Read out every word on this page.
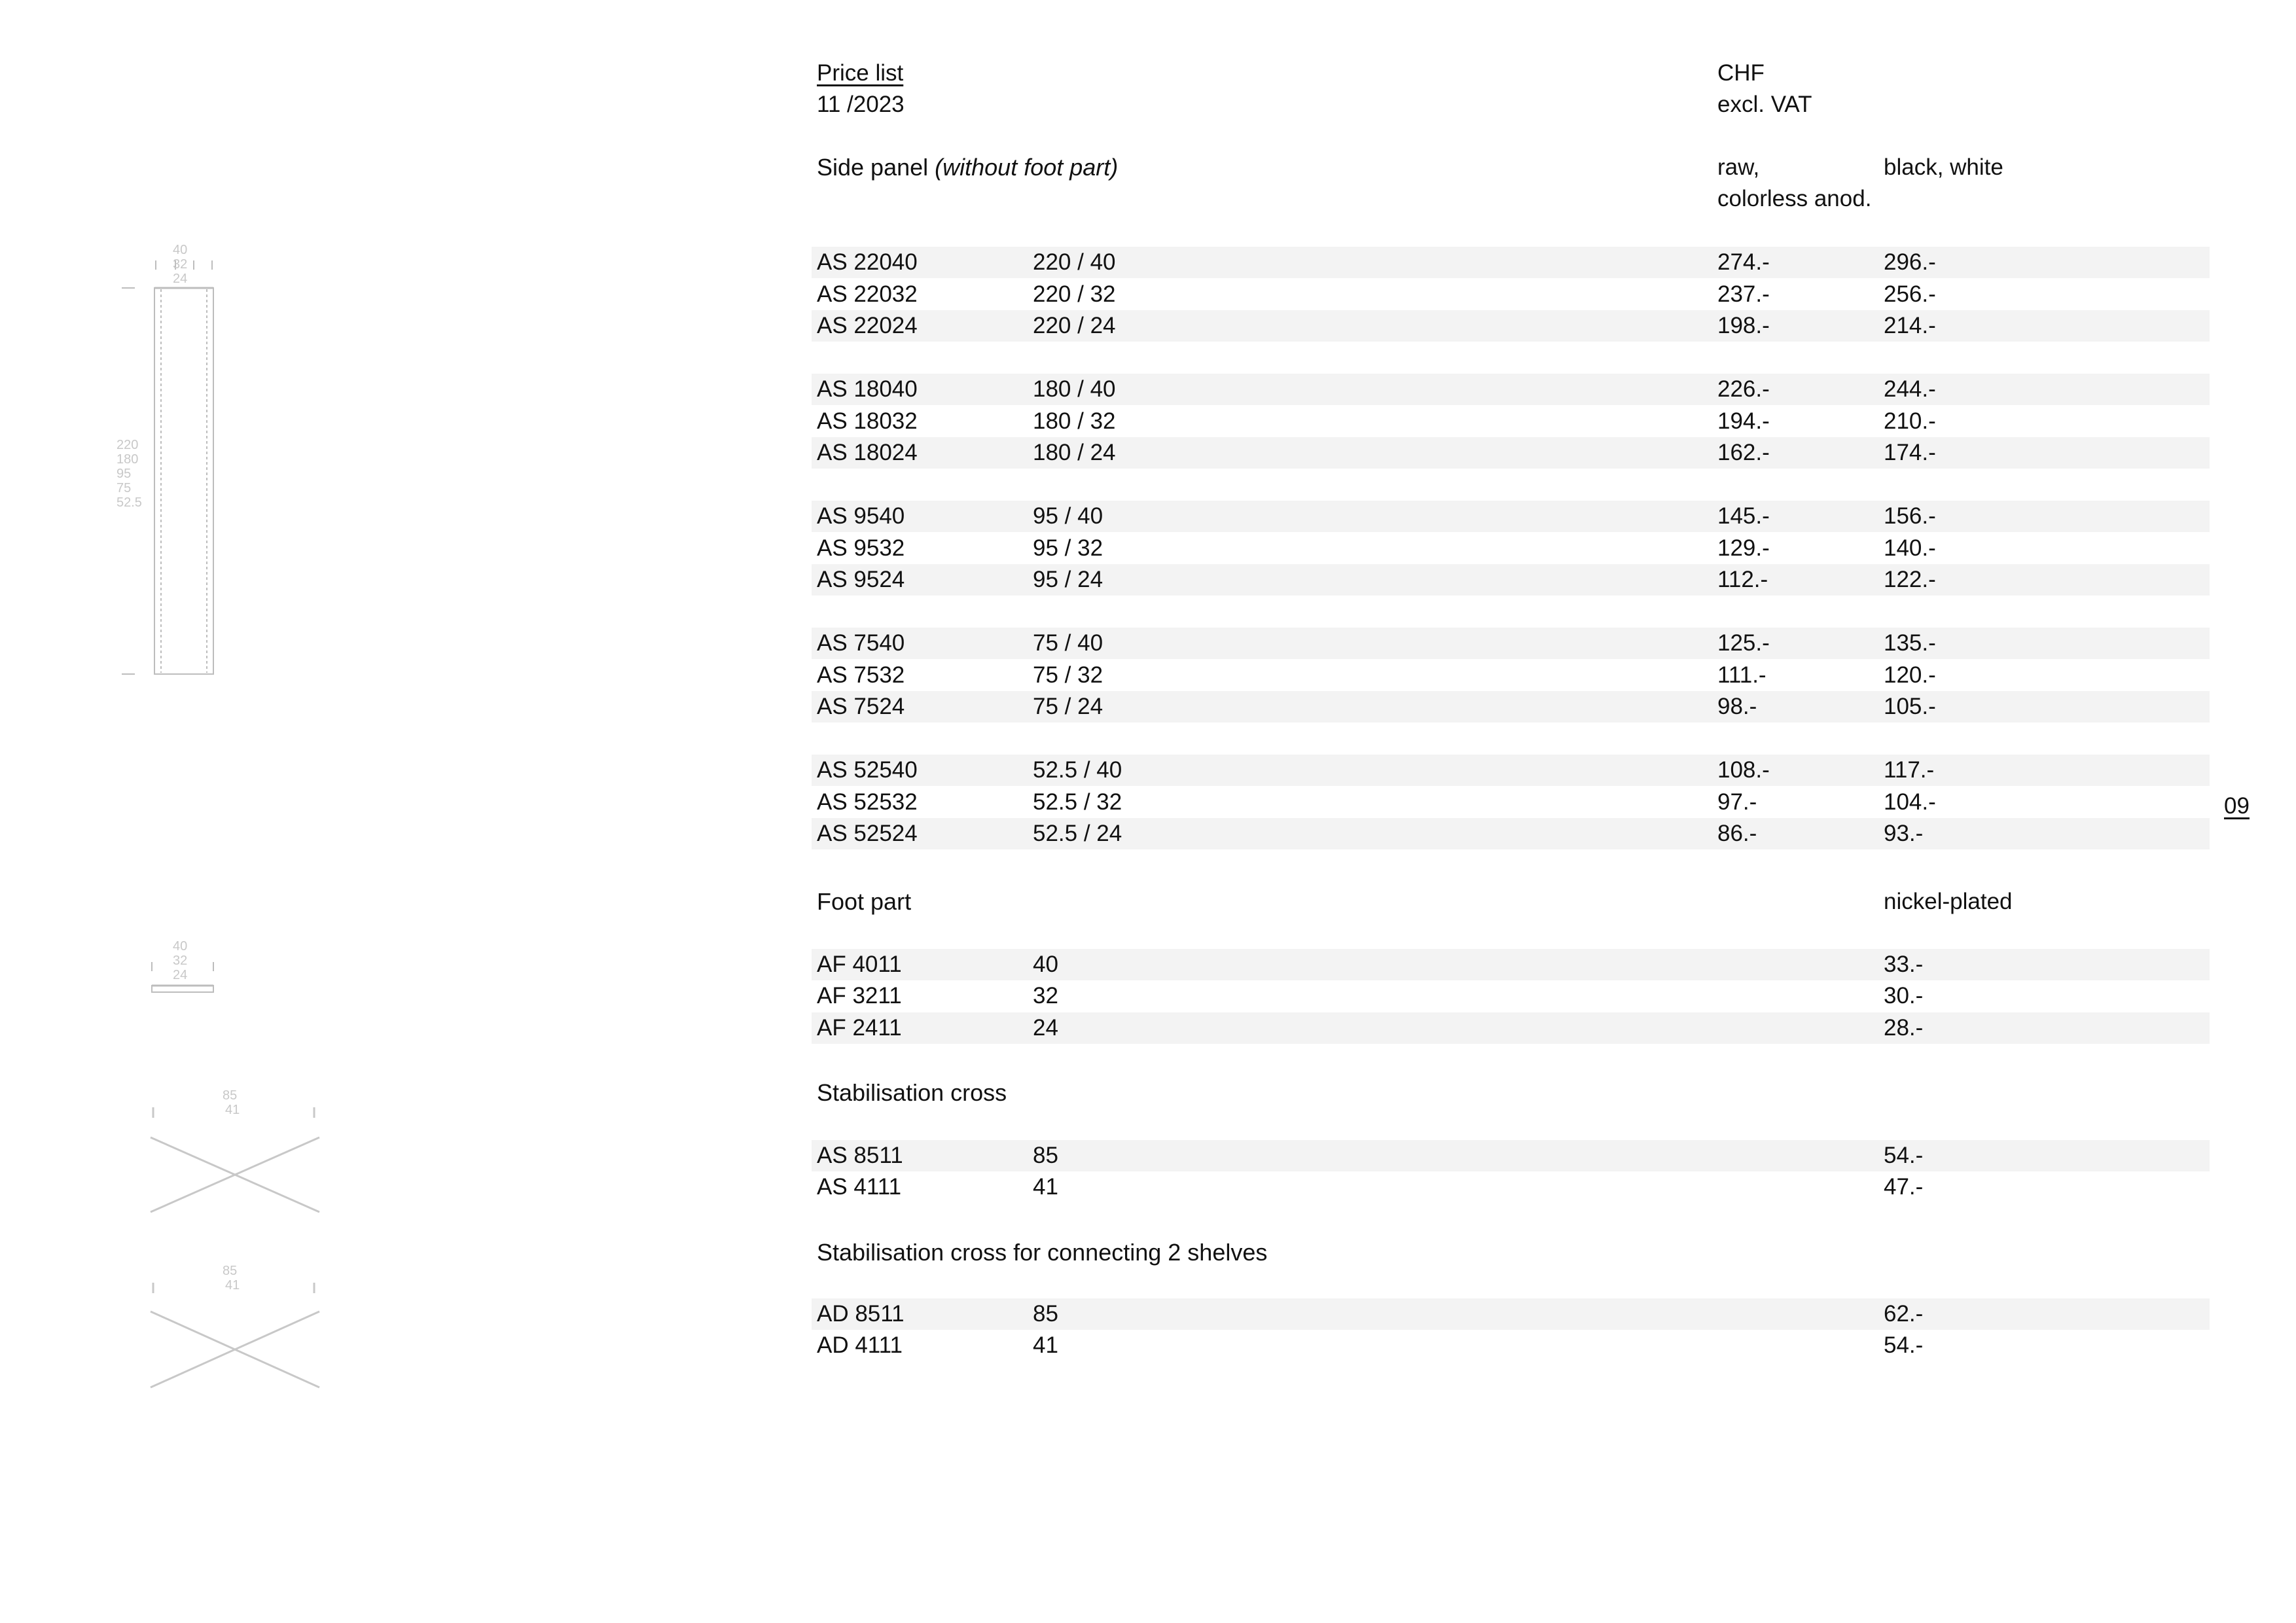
40
32
24
220
180
95
75
52.5
40
32
24
85
41
85
41
Price list
11 /2023
CHF
excl. VAT
09
Side panel (without foot part)	raw,
colorless anod.
black, white
AS 22040	220 / 40	274.-	296.-
AS 22032	220 / 32	237.-	256.-
AS 22024	220 / 24	198.-	214.-
AS 18040	180 / 40	226.-	244.-
AS 18032	180 / 32	194.-	210.-
AS 18024	180 / 24	162.-	174.-
AS 9540	95 / 40	145.-	156.-
AS 9532	95 / 32	129.-	140.-
AS 9524	95 / 24	112.-	122.-
AS 7540	75 / 40	125.-	135.-
AS 7532	75 / 32	111.-	120.-
AS 7524	75 / 24	98.-	105.-
AS 52540	52.5 / 40	108.-	117.-
AS 52532	52.5 / 32	97.-	104.-
AS 52524	52.5 / 24	86.-	93.-
Foot part	nickel-plated
AF 4011	40	33.-
AF 3211	32	30.-
AF 2411	24	28.-
Stabilisation cross
AS 8511	85	54.-
AS 4111	41	47.-
Stabilisation cross for connecting 2 shelves
AD 8511	85	62.-
AD 4111	41	54.-
